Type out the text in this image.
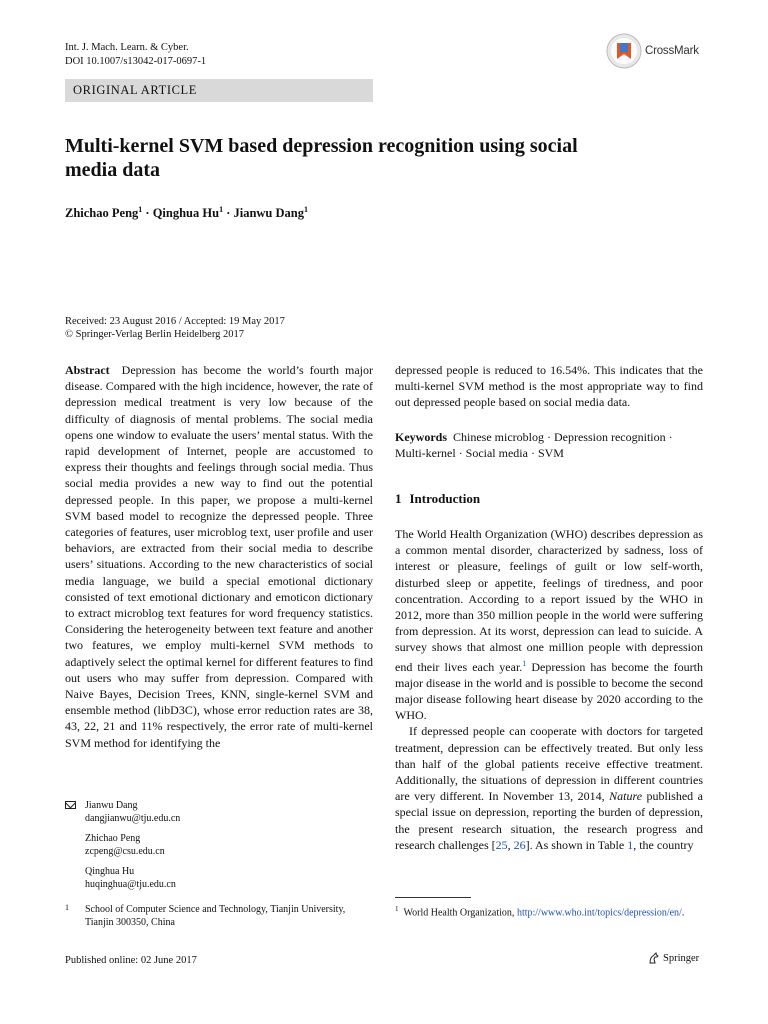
Int. J. Mach. Learn. & Cyber.
DOI 10.1007/s13042-017-0697-1
CrossMark
ORIGINAL ARTICLE
Multi-kernel SVM based depression recognition using social
media data
Zhichao Peng$^1$ · Qinghua $Hu^1$ · Jianwu Dang$^1$
Received: 23 August 2016 / Accepted: 19 May 2017
© Springer-Verlag Berlin Heidelberg 2017

Abstract Depression has become the world’s fourth major disease. Compared with the high incidence, however, the rate of depression medical treatment is very low because of the difficulty of diagnosis of mental problems. The social media opens one window to evaluate the users’ mental status. With the rapid development of Internet, people are accustomed to express their thoughts and feelings through social media. Thus social media provides a new way to find out the potential depressed people. In this paper, we propose a multi-kernel SVM based model to recognize the depressed people. Three categories of features, user microblog text, user profile and user behaviors, are extracted from their social media to describe users’ situations. According to the new characteristics of social media language, we build a special emotional dictionary consisted of text emotional dictionary and emoticon dictionary to extract microblog text features for word frequency statistics. Considering the heterogeneity between text feature and another two features, we employ multi-kernel SVM methods to adaptively select the optimal kernel for different features to find out users who may suffer from depression. Compared with Naive Bayes, Decision Trees, KNN, single-kernel SVM and ensemble method (libD3C), whose error reduction rates are 38, 43, 22, 21 and 11% respectively, the error rate of multi-kernel SVM method for identifying the

depressed people is reduced to 16.54%. This indicates that the multi-kernel SVM method is the most appropriate way to find out depressed people based on social media data.

Keywords Chinese microblog · Depression recognition · Multi-kernel · Social media · SVM

1 Introduction

The World Health Organization (WHO) describes depression as a common mental disorder, characterized by sadness, loss of interest or pleasure, feelings of guilt or low self-worth, disturbed sleep or appetite, feelings of tiredness, and poor concentration. According to a report issued by the WHO in 2012, more than 350 million people in the world were suffering from depression. At its worst, depression can lead to suicide. A survey shows that almost one million people with depression end their lives each year.$^1$ Depression has become the fourth major disease in the world and is possible to become the second major disease following heart disease by 2020 according to the WHO.

If depressed people can cooperate with doctors for targeted treatment, depression can be effectively treated. But only less than half of the global patients receive effective treatment. Additionally, the situations of depression in different countries are very different. In November 13, 2014, Nature published a special issue on depression, reporting the burden of depression, the present research situation, the research progress and research challenges [25, 26]. As shown in Table 1, the country

Jianwu Dang
dangjianwu@tju.edu.cn
Zhichao Peng
zcpeng@csu.edu.cn
Qinghua Hu
huqinghua@tju.edu.cn
1 School of Computer Science and Technology, Tianjin University, Tianjin 300350, China
$^1$ World Health Organization, http://www.who.int/topics/depression/en/.
Published online: 02 June 2017	Springer
